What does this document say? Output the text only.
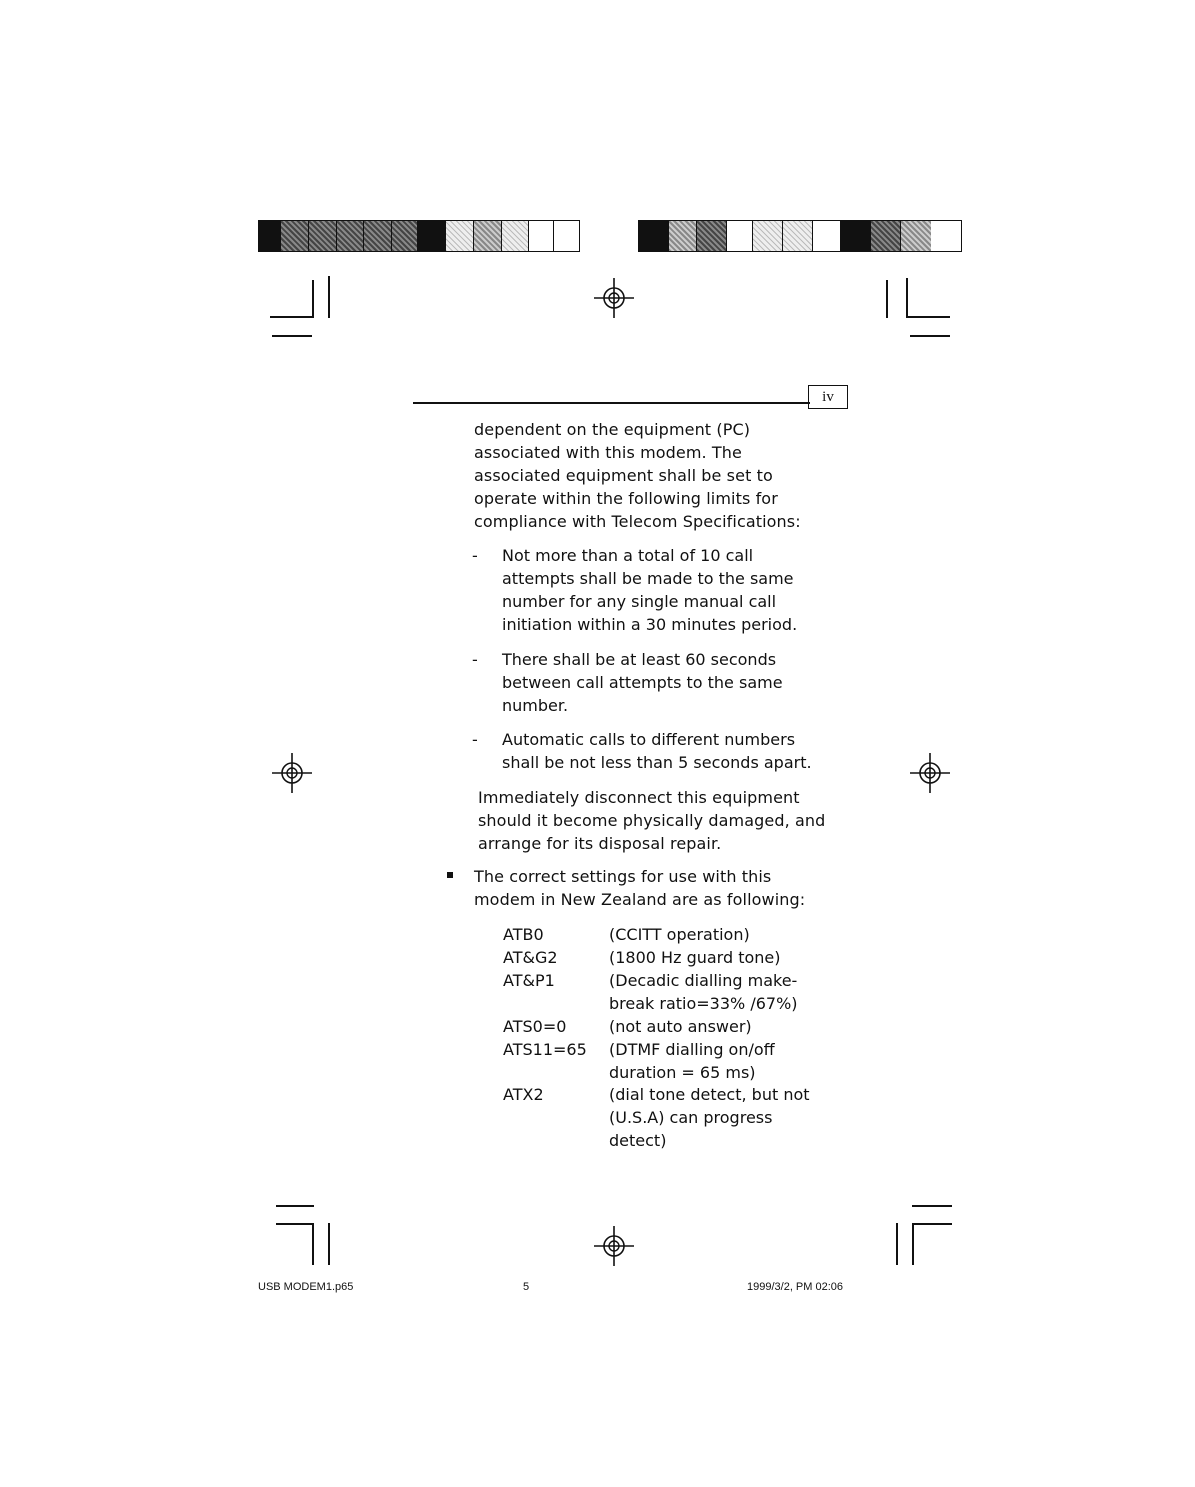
iv

dependent on the equipment (PC)

associated with this modem. The

associated equipment shall be set to

operate within the following limits for

compliance with Telecom Specifications:

- Not more than a total of 10 call
attempts shall be made to the same
number for any single manual call
initiation within a 30 minutes period.
- There shall be at least 60 seconds
between call attempts to the same
number.
- Automatic calls to different numbers
shall be not less than 5 seconds apart.

Immediately disconnect this equipment

should it become physically damaged, and

arrange for its disposal repair.

The correct settings for use with this

modem in New Zealand are as following:

ATB0	(CCITT operation)
AT&G2	(1800 Hz guard tone)
AT&P1	(Decadic dialling make-
break ratio=33% /67%)
ATS0=0	(not auto answer)
ATS11=65 (DTMF dialling on/off
duration = 65 ms)
ATX2	(dial tone detect, but not
(U.S.A) can progress
detect)
USB MODEM1.p65	5	1999/3/2, PM 02:06
